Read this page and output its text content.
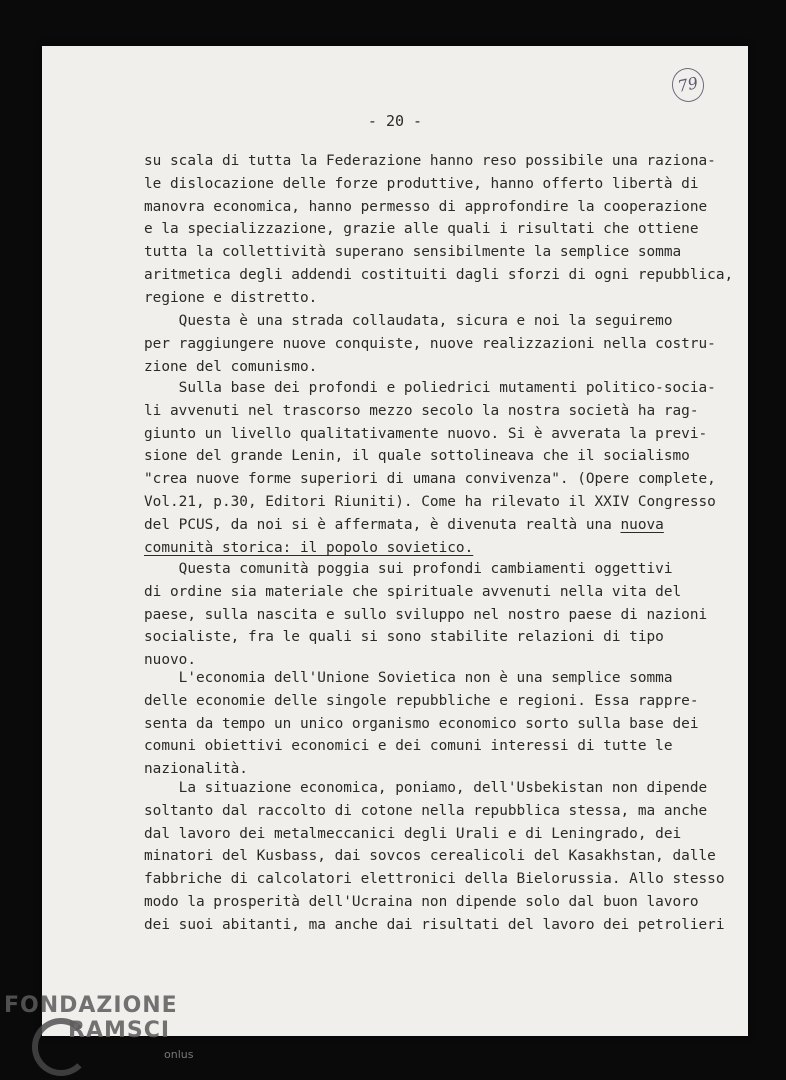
79
- 20 -
su scala di tutta la Federazione hanno reso possibile una raziona-
le dislocazione delle forze produttive, hanno offerto libertà di
manovra economica, hanno permesso di approfondire la cooperazione
e la specializzazione, grazie alle quali i risultati che ottiene
tutta la collettività superano sensibilmente la semplice somma
aritmetica degli addendi costituiti dagli sforzi di ogni repubblica,
regione e distretto.
Questa è una strada collaudata, sicura e noi la seguiremo
per raggiungere nuove conquiste, nuove realizzazioni nella costru-
zione del comunismo.
Sulla base dei profondi e poliedrici mutamenti politico-socia-
li avvenuti nel trascorso mezzo secolo la nostra società ha rag-
giunto un livello qualitativamente nuovo. Si è avverata la previ-
sione del grande Lenin, il quale sottolineava che il socialismo
"crea nuove forme superiori di umana convivenza". (Opere complete,
Vol.21, p.30, Editori Riuniti). Come ha rilevato il XXIV Congresso
del PCUS, da noi si è affermata, è divenuta realtà una nuova
comunità storica: il popolo sovietico.
Questa comunità poggia sui profondi cambiamenti oggettivi
di ordine sia materiale che spirituale avvenuti nella vita del
paese, sulla nascita e sullo sviluppo nel nostro paese di nazioni
socialiste, fra le quali si sono stabilite relazioni di tipo
nuovo.
L'economia dell'Unione Sovietica non è una semplice somma
delle economie delle singole repubbliche e regioni. Essa rappre-
senta da tempo un unico organismo economico sorto sulla base dei
comuni obiettivi economici e dei comuni interessi di tutte le
nazionalità.
La situazione economica, poniamo, dell'Usbekistan non dipende
soltanto dal raccolto di cotone nella repubblica stessa, ma anche
dal lavoro dei metalmeccanici degli Urali e di Leningrado, dei
minatori del Kusbass, dai sovcos cerealicoli del Kasakhstan, dalle
fabbriche di calcolatori elettronici della Bielorussia. Allo stesso
modo la prosperità dell'Ucraina non dipende solo dal buon lavoro
dei suoi abitanti, ma anche dai risultati del lavoro dei petrolieri
FONDAZIONE
RAMSCI
onlus
